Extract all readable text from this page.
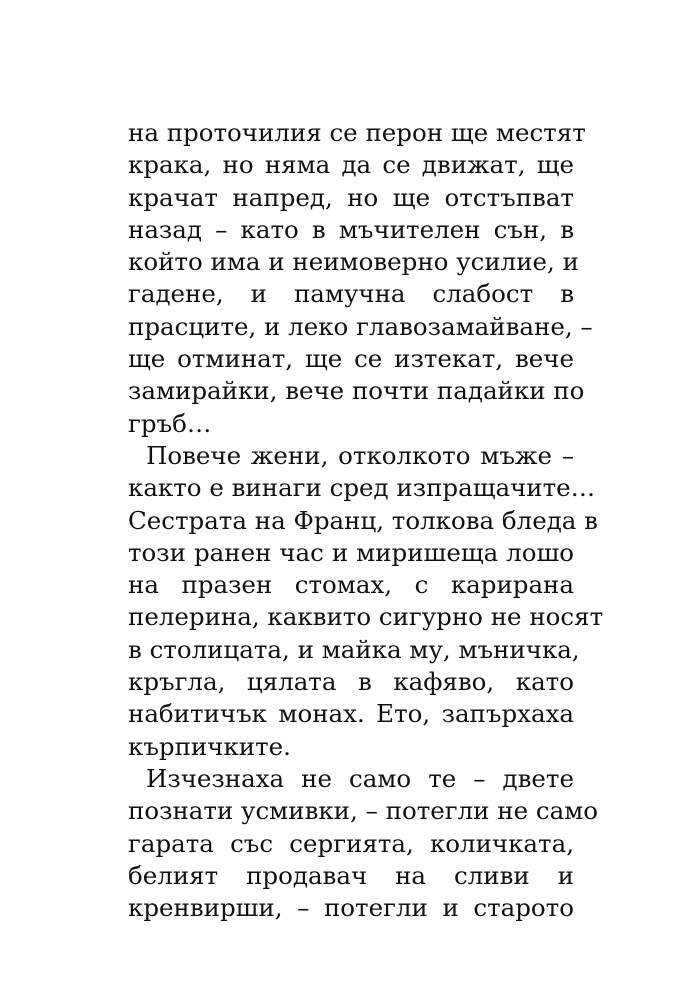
на проточилия се перон ще местят
крака, но няма да се движат, ще
крачат напред, но ще отстъпват
назад – като в мъчителен сън, в
който има и неимоверно усилие, и
гадене, и памучна слабост в
прасците, и леко главозамайване, –
ще отминат, ще се изтекат, вече
замирайки, вече почти падайки по
гръб…
Повече жени, отколкото мъже –
както е винаги сред изпращачите…
Сестрата на Франц, толкова бледа в
този ранен час и миришеща лошо
на празен стомах, с карирана
пелерина, каквито сигурно не носят
в столицата, и майка му, мъничка,
кръгла, цялата в кафяво, като
набитичък монах. Ето, запърхаха
кърпичките.
Изчезнаха не само те – двете
познати усмивки, – потегли не само
гарата със сергията, количката,
белият продавач на сливи и
кренвирши, – потегли и старото
